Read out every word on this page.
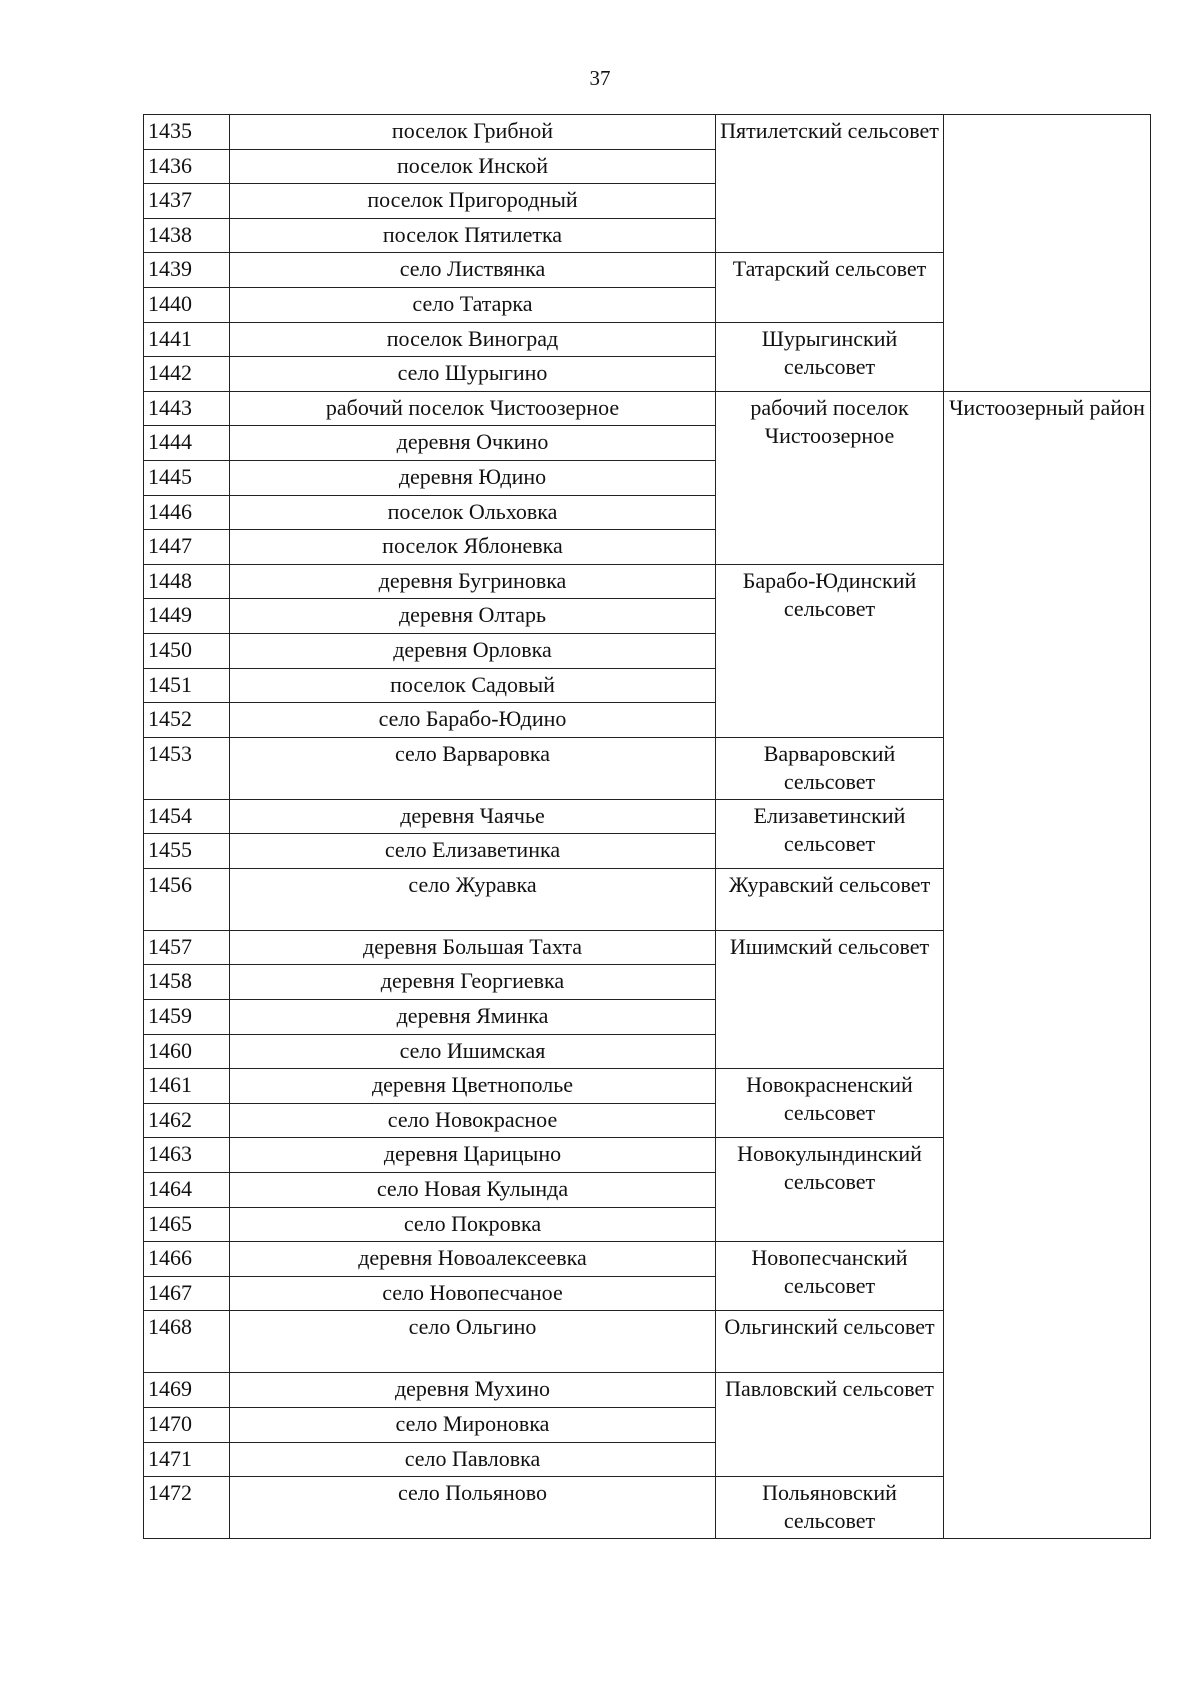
37
1435	поселок Грибной	Пятилетский сельсовет	
1436	поселок Инской		
1437	поселок Пригородный		
1438	поселок Пятилетка		
1439	село Листвянка	Татарский сельсовет	
1440	село Татарка		
1441	поселок Виноград	Шурыгинский сельсовет	
1442	село Шурыгино		
1443	рабочий поселок Чистоозерное	рабочий поселок Чистоозерное	Чистоозерный район
1444	деревня Очкино		
1445	деревня Юдино		
1446	поселок Ольховка		
1447	поселок Яблоневка		
1448	деревня Бугриновка	Барабо-Юдинский сельсовет	
1449	деревня Олтарь		
1450	деревня Орловка		
1451	поселок Садовый		
1452	село Барабо-Юдино		
1453	село Варваровка	Варваровский сельсовет	
1454	деревня Чаячье	Елизаветинский сельсовет	
1455	село Елизаветинка		
1456	село Журавка	Журавский сельсовет	
1457	деревня Большая Тахта	Ишимский сельсовет	
1458	деревня Георгиевка		
1459	деревня Яминка		
1460	село Ишимская		
1461	деревня Цветнополье	Новокрасненский сельсовет	
1462	село Новокрасное		
1463	деревня Царицыно	Новокулындинский сельсовет	
1464	село Новая Кулында		
1465	село Покровка		
1466	деревня Новоалексеевка	Новопесчанский сельсовет	
1467	село Новопесчаное		
1468	село Ольгино	Ольгинский сельсовет	
1469	деревня Мухино	Павловский сельсовет	
1470	село Мироновка		
1471	село Павловка		
1472	село Польяново	Польяновский сельсовет	
